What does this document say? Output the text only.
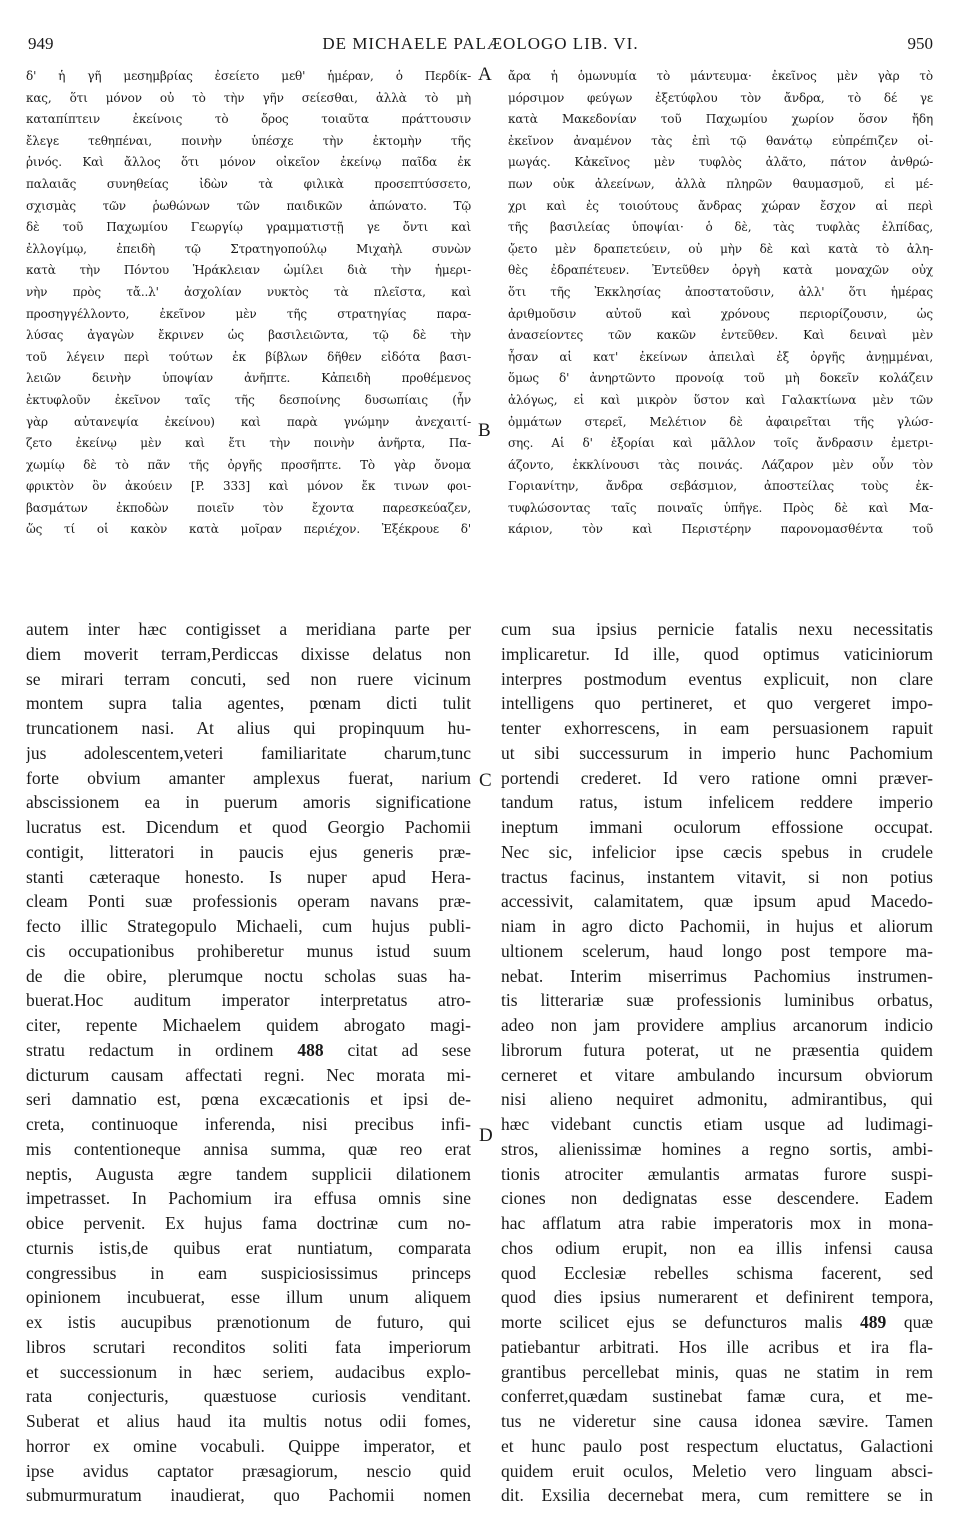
949	DE MICHAELE PALÆOLOGO LIB. VI.	950
δ' ἡ γῆ μεσημβρίας ἐσείετο μεθ' ἡμέραν, ὁ Περδίκ-
κας, ὅτι μόνον οὐ τὸ τὴν γῆν σείεσθαι, ἀλλὰ τὸ μὴ
καταπίπτειν ἐκείνοις τὸ ὄρος τοιαῦτα πράττουσιν
ἔλεγε τεθηπέναι, ποινὴν ὑπέσχε τὴν ἐκτομὴν τῆς
ῥινός. Καὶ ἄλλος ὅτι μόνον οἰκεῖον ἐκείνῳ παῖδα ἐκ
παλαιᾶς συνηθείας ἰδὼν τὰ φιλικὰ προσεπτύσσετο,
σχισμὰς τῶν ῥωθώνων τῶν παιδικῶν ἀπώνατο. Τῷ
δὲ τοῦ Παχωμίου Γεωργίῳ γραμματιστῇ γε ὄντι καὶ
ἐλλογίμῳ, ἐπειδὴ τῷ Στρατηγοπούλῳ Μιχαὴλ συνὼν
κατὰ τὴν Πόντου Ἡράκλειαν ὡμίλει διὰ τὴν ἡμερι-
νὴν πρὸς τἄ..λ' ἀσχολίαν νυκτὸς τὰ πλεῖστα, καὶ
προσηγγέλλοντο, ἐκεῖνον μὲν τῆς στρατηγίας παρα-
λύσας ἀγαγὼν ἔκρινεν ὡς βασιλειῶντα, τῷ δὲ τὴν
τοῦ λέγειν περὶ τούτων ἐκ βίβλων δῆθεν εἰδότα βασι-
λειῶν δεινὴν ὑποψίαν ἀνῆπτε. Κἀπειδὴ προθέμενος
ἐκτυφλοῦν ἐκεῖνον ταῖς τῆς δεσποίνης δυσωπίαις (ἦν
γὰρ αὐτανεψία ἐκείνου) καὶ παρὰ γνώμην ἀνεχαιτί-
ζετο ἐκείνῳ μὲν καὶ ἔτι τὴν ποινὴν ἀνῆρτα, Πα-
χωμίῳ δὲ τὸ πᾶν τῆς ὀργῆς προσῆπτε. Τὸ γὰρ ὄνομα
φρικτὸν ὂν ἀκούειν [P. 333] καὶ μόνον ἔκ τινων φοι-
βασμάτων ἐκποδὼν ποιεῖν τὸν ἔχοντα παρεσκεύαζεν,
ὥς τί οἱ κακὸν κατὰ μοῖραν περιέχον. Ἐξέκρουε δ'
ἄρα ἡ ὁμωνυμία τὸ μάντευμα· ἐκεῖνος μὲν γὰρ τὸ
μόρσιμον φεύγων ἐξετύφλου τὸν ἄνδρα, τὸ δέ γε
κατὰ Μακεδονίαν τοῦ Παχωμίου χωρίον ὅσον ἤδη
ἐκεῖνον ἀναμένον τὰς ἐπὶ τῷ θανάτῳ εὐπρέπιζεν οἰ-
μωγάς. Κἀκεῖνος μὲν τυφλὸς ἀλᾶτο, πάτον ἀνθρώ-
πων οὐκ ἀλεείνων, ἀλλὰ πληρῶν θαυμασμοῦ, εἰ μέ-
χρι καὶ ἐς τοιούτους ἄνδρας χώραν ἔσχον αἱ περὶ
τῆς βασιλείας ὑποψίαι· ὁ δὲ, τὰς τυφλὰς ἐλπίδας,
ᾤετο μὲν δραπετεύειν, οὐ μὴν δὲ καὶ κατὰ τὸ ἀλη-
θὲς ἐδραπέτευεν. Ἐντεῦθεν ὀργὴ κατὰ μοναχῶν οὐχ
ὅτι τῆς Ἐκκλησίας ἀποστατοῦσιν, ἀλλ' ὅτι ἡμέρας
ἀριθμοῦσιν αὐτοῦ καὶ χρόνους περιορίζουσιν, ὡς
ἀνασείοντες τῶν κακῶν ἐντεῦθεν. Καὶ δειναὶ μὲν
ἦσαν αἱ κατ' ἐκείνων ἀπειλαὶ ἐξ ὀργῆς ἀνῃμμέναι,
ὅμως δ' ἀνηρτῶντο προνοίᾳ τοῦ μὴ δοκεῖν κολάζειν
ἀλόγως, εἰ καὶ μικρὸν ὕστον καὶ Γαλακτίωνα μὲν τῶν
ὀμμάτων στερεῖ, Μελέτιον δὲ ἀφαιρεῖται τῆς γλώσ-
σης. Αἱ δ' ἐξορίαι καὶ μᾶλλον τοῖς ἄνδρασιν ἐμετρι-
άζοντο, ἐκκλίνουσι τὰς ποινάς. Λάζαρον μὲν οὖν τὸν
Γοριανίτην, ἄνδρα σεβάσμιον, ἀποστείλας τοὺς ἐκ-
τυφλώσοντας ταῖς ποιναῖς ὑπῆγε. Πρὸς δὲ καὶ Μα-
κάριον, τὸν καὶ Περιστέρην παρονομασθέντα τοῦ
autem inter hæc contigisset a meridiana parte per
diem moverit terram,Perdiccas dixisse delatus non
se mirari terram concuti, sed non ruere vicinum
montem supra talia agentes, pœnam dicti tulit
truncationem nasi. At alius qui propinquum hu-
jus adolescentem,veteri familiaritate charum,tunc
forte obvium amanter amplexus fuerat, narium
abscissionem ea in puerum amoris significatione
lucratus est. Dicendum et quod Georgio Pachomii
contigit, litteratori in paucis ejus generis præ-
stanti cæteraque honesto. Is nuper apud Hera-
cleam Ponti suæ professionis operam navans præ-
fecto illic Strategopulo Michaeli, cum hujus publi-
cis occupationibus prohiberetur munus istud suum
de die obire, plerumque noctu scholas suas ha-
buerat.Hoc auditum imperator interpretatus atro-
citer, repente Michaelem quidem abrogato magi-
stratu redactum in ordinem 488 citat ad sese
dicturum causam affectati regni. Nec morata mi-
seri damnatio est, pœna excæcationis et ipsi de-
creta, continuoque inferenda, nisi precibus infi-
mis contentioneque annisa summa, quæ reo erat
neptis, Augusta ægre tandem supplicii dilationem
impetrasset. In Pachomium ira effusa omnis sine
obice pervenit. Ex hujus fama doctrinæ cum no-
cturnis istis,de quibus erat nuntiatum, comparata
congressibus in eam suspiciosissimus princeps
opinionem incubuerat, esse illum unum aliquem
ex istis aucupibus prænotionum de futuro, qui
libros scrutari reconditos soliti fata imperiorum
et successionum in hæc seriem, audacibus explo-
rata conjecturis, quæstuose curiosis venditant.
Suberat et alius haud ita multis notus odii fomes,
horror ex omine vocabuli. Quippe imperator, et
ipse avidus captator præsagiorum, nescio quid
submurmuratum inaudierat, quo Pachomii nomen
cum sua ipsius pernicie fatalis nexu necessitatis
implicaretur. Id ille, quod optimus vaticiniorum
interpres postmodum eventus explicuit, non clare
intelligens quo pertineret, et quo vergeret impo-
tenter exhorrescens, in eam persuasionem rapuit
ut sibi successurum in imperio hunc Pachomium
portendi crederet. Id vero ratione omni præver-
tandum ratus, istum infelicem reddere imperio
ineptum immani oculorum effossione occupat.
Nec sic, infelicior ipse cæcis spebus in crudele
tractus facinus, instantem vitavit, si non potius
accessivit, calamitatem, quæ ipsum apud Macedo-
niam in agro dicto Pachomii, in hujus et aliorum
ultionem scelerum, haud longo post tempore ma-
nebat. Interim miserrimus Pachomius instrumen-
tis litterariæ suæ professionis luminibus orbatus,
adeo non jam providere amplius arcanorum indicio
librorum futura poterat, ut ne præsentia quidem
cerneret et vitare ambulando incursum obviorum
nisi alieno nequiret admonitu, admirantibus, qui
hæc videbant cunctis etiam usque ad ludimagi-
stros, alienissimæ homines a regno sortis, ambi-
tionis atrociter æmulantis armatas furore suspi-
ciones non dedignatas esse descendere. Eadem
hac afflatum atra rabie imperatoris mox in mona-
chos odium erupit, non ea illis infensi causa
quod Ecclesiæ rebelles schisma facerent, sed
quod dies ipsius numerarent et definirent tempora,
morte scilicet ejus se defuncturos malis 489 quæ
patiebantur arbitrati. Hos ille acribus et ira fla-
grantibus percellebat minis, quas ne statim in rem
conferret,quædam sustinebat famæ cura, et me-
tus ne videretur sine causa idonea sævire. Tamen
et hunc paulo post respectum eluctatus, Galactioni
quidem eruit oculos, Meletio vero linguam absci-
dit. Exsilia decernebat mera, cum remittere se in
A
B
C
D
